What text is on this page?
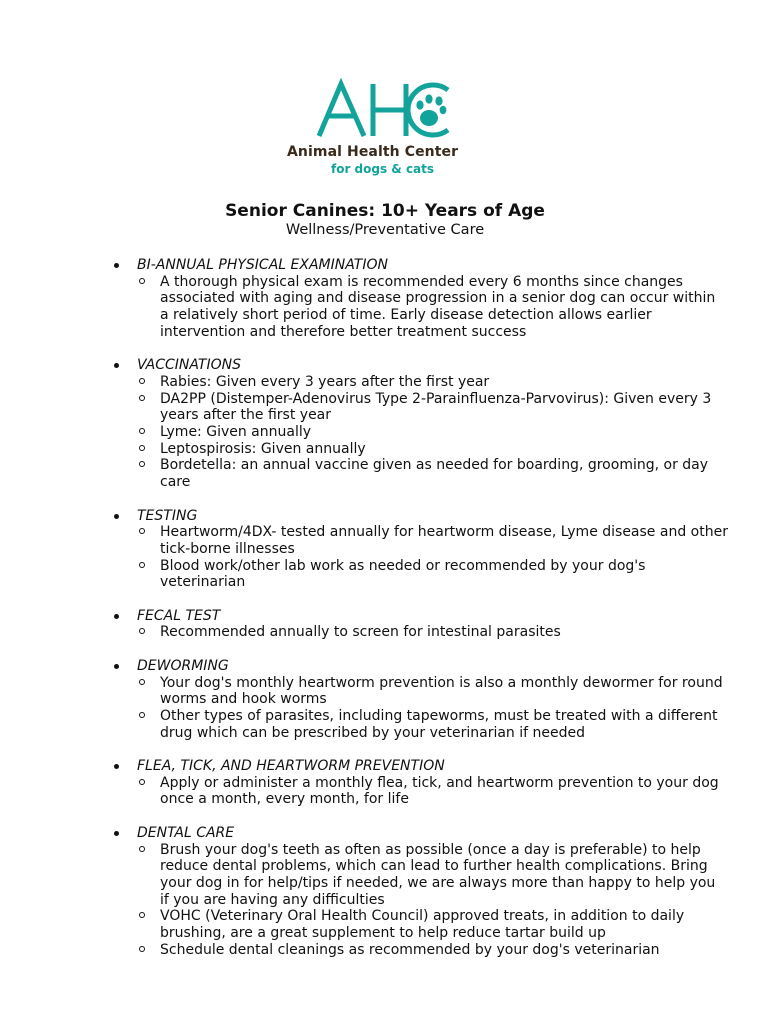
Animal Health Center
for dogs & cats
Senior Canines: 10+ Years of Age
Wellness/Preventative Care
BI-ANNUAL PHYSICAL EXAMINATION
A thorough physical exam is recommended every 6 months since changes associated with aging and disease progression in a senior dog can occur within a relatively short period of time. Early disease detection allows earlier intervention and therefore better treatment success
VACCINATIONS
Rabies: Given every 3 years after the first year
DA2PP (Distemper-Adenovirus Type 2-Parainfluenza-Parvovirus): Given every 3 years after the first year
Lyme: Given annually
Leptospirosis: Given annually
Bordetella: an annual vaccine given as needed for boarding, grooming, or day care
TESTING
Heartworm/4DX- tested annually for heartworm disease, Lyme disease and other tick-borne illnesses
Blood work/other lab work as needed or recommended by your dog's veterinarian
FECAL TEST
Recommended annually to screen for intestinal parasites
DEWORMING
Your dog's monthly heartworm prevention is also a monthly dewormer for round worms and hook worms
Other types of parasites, including tapeworms, must be treated with a different drug which can be prescribed by your veterinarian if needed
FLEA, TICK, AND HEARTWORM PREVENTION
Apply or administer a monthly flea, tick, and heartworm prevention to your dog once a month, every month, for life
DENTAL CARE
Brush your dog's teeth as often as possible (once a day is preferable) to help reduce dental problems, which can lead to further health complications. Bring your dog in for help/tips if needed, we are always more than happy to help you if you are having any difficulties
VOHC (Veterinary Oral Health Council) approved treats, in addition to daily brushing, are a great supplement to help reduce tartar build up
Schedule dental cleanings as recommended by your dog's veterinarian
